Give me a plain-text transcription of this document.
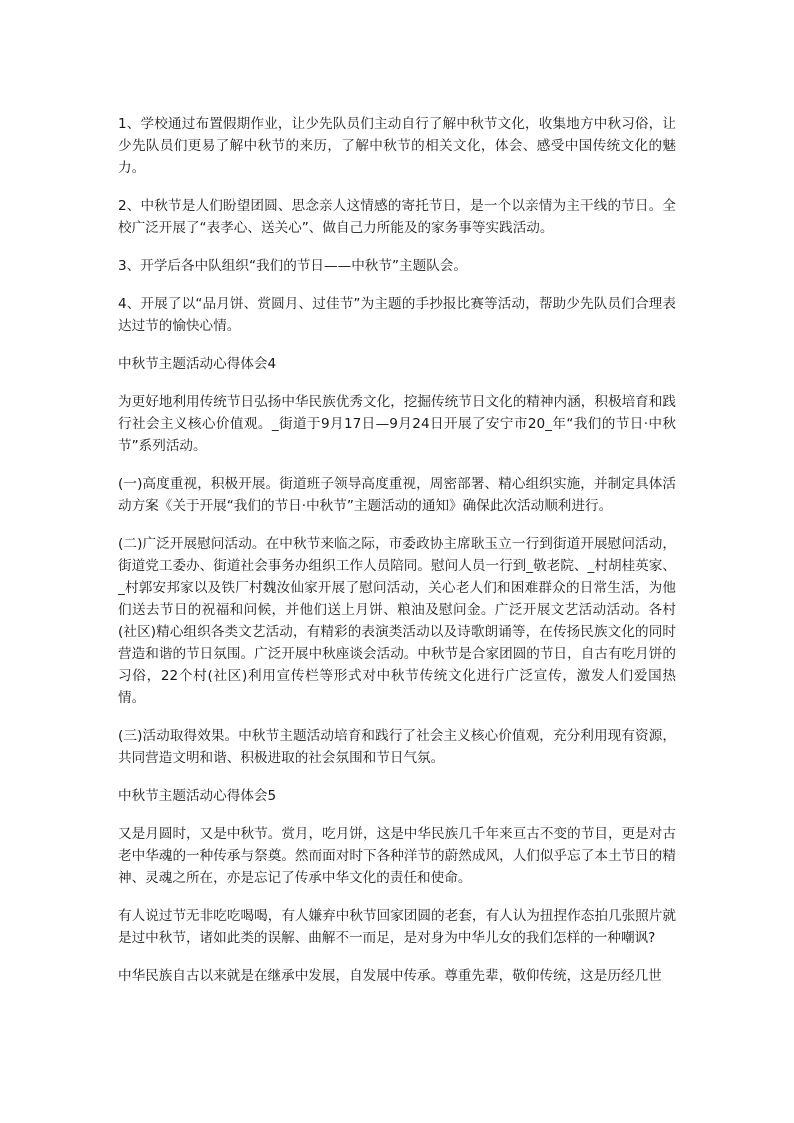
1、学校通过布置假期作业，让少先队员们主动自行了解中秋节文化，收集地方中秋习俗，让少先队员们更易了解中秋节的来历，了解中秋节的相关文化，体会、感受中国传统文化的魅力。

2、中秋节是人们盼望团圆、思念亲人这情感的寄托节日，是一个以亲情为主干线的节日。全校广泛开展了“表孝心、送关心”、做自己力所能及的家务事等实践活动。

3、开学后各中队组织“我们的节日——中秋节”主题队会。

4、开展了以“品月饼、赏圆月、过佳节”为主题的手抄报比赛等活动，帮助少先队员们合理表达过节的愉快心情。

中秋节主题活动心得体会4

为更好地利用传统节日弘扬中华民族优秀文化，挖掘传统节日文化的精神内涵，积极培育和践行社会主义核心价值观。_街道于9月17日—9月24日开展了安宁市20_年“我们的节日·中秋节”系列活动。

(一)高度重视，积极开展。街道班子领导高度重视，周密部署、精心组织实施，并制定具体活动方案《关于开展“我们的节日·中秋节”主题活动的通知》确保此次活动顺利进行。

(二)广泛开展慰问活动。在中秋节来临之际，市委政协主席耿玉立一行到街道开展慰问活动，街道党工委办、街道社会事务办组织工作人员陪同。慰问人员一行到_敬老院、_村胡桂英家、_村郭安邦家以及铁厂村魏汝仙家开展了慰问活动，关心老人们和困难群众的日常生活，为他们送去节日的祝福和问候，并他们送上月饼、粮油及慰问金。广泛开展文艺活动活动。各村(社区)精心组织各类文艺活动，有精彩的表演类活动以及诗歌朗诵等，在传扬民族文化的同时营造和谐的节日氛围。广泛开展中秋座谈会活动。中秋节是合家团圆的节日，自古有吃月饼的习俗，22个村(社区)利用宣传栏等形式对中秋节传统文化进行广泛宣传，激发人们爱国热情。

(三)活动取得效果。中秋节主题活动培育和践行了社会主义核心价值观，充分利用现有资源，共同营造文明和谐、积极进取的社会氛围和节日气氛。

中秋节主题活动心得体会5

又是月圆时，又是中秋节。赏月，吃月饼，这是中华民族几千年来亘古不变的节目，更是对古老中华魂的一种传承与祭奠。然而面对时下各种洋节的蔚然成风，人们似乎忘了本土节日的精神、灵魂之所在，亦是忘记了传承中华文化的责任和使命。

有人说过节无非吃吃喝喝，有人嫌弃中秋节回家团圆的老套，有人认为扭捏作态拍几张照片就是过中秋节，诸如此类的误解、曲解不一而足，是对身为中华儿女的我们怎样的一种嘲讽?

中华民族自古以来就是在继承中发展，自发展中传承。尊重先辈，敬仰传统，这是历经几世
